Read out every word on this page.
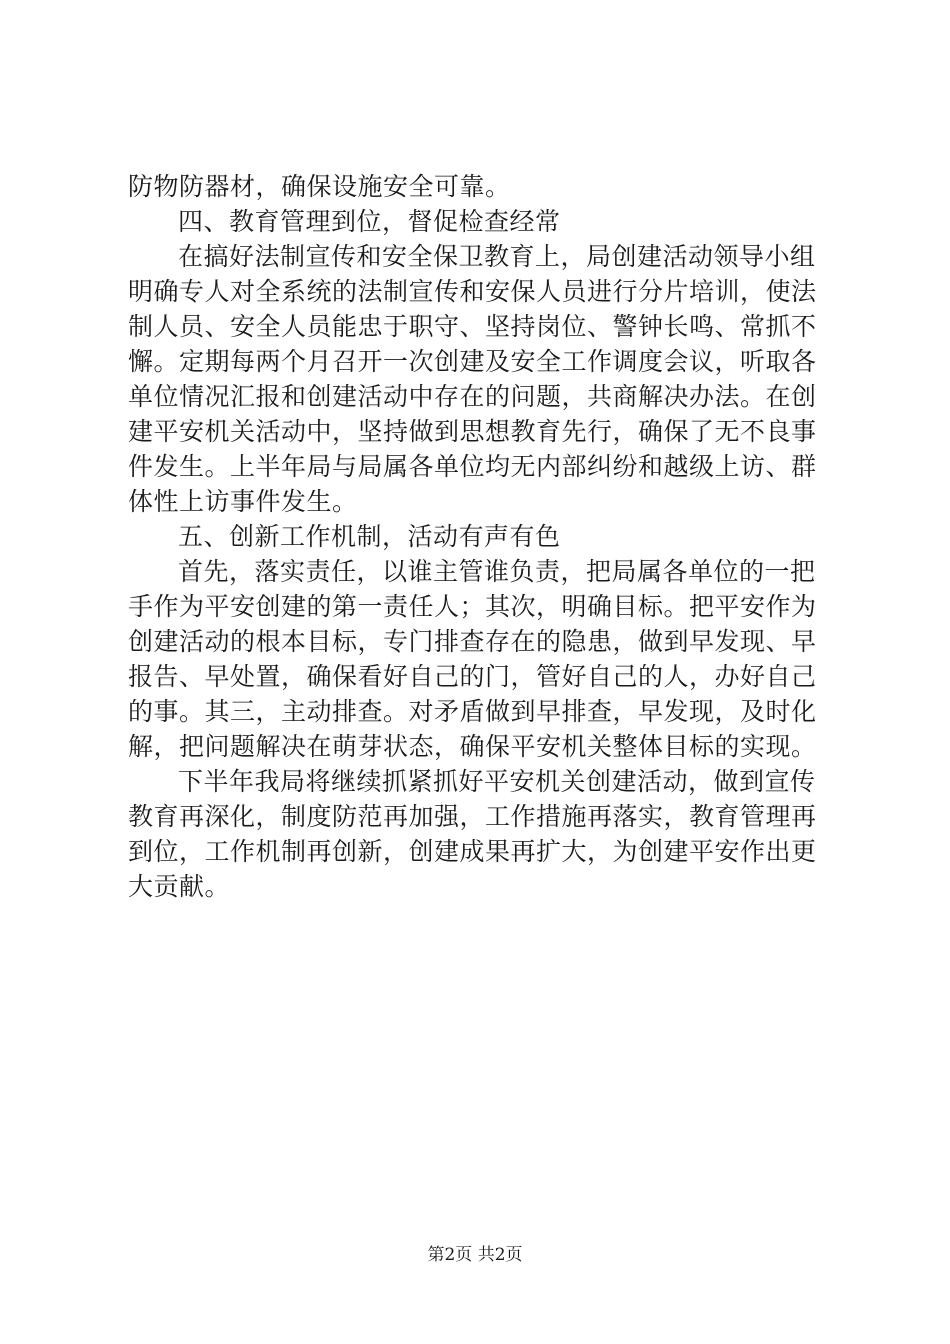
防物防器材，确保设施安全可靠。
四、教育管理到位，督促检查经常
在搞好法制宣传和安全保卫教育上，局创建活动领导小组
明确专人对全系统的法制宣传和安保人员进行分片培训，使法
制人员、安全人员能忠于职守、坚持岗位、警钟长鸣、常抓不
懈。定期每两个月召开一次创建及安全工作调度会议，听取各
单位情况汇报和创建活动中存在的问题，共商解决办法。在创
建平安机关活动中，坚持做到思想教育先行，确保了无不良事
件发生。上半年局与局属各单位均无内部纠纷和越级上访、群
体性上访事件发生。
五、创新工作机制，活动有声有色
首先，落实责任，以谁主管谁负责，把局属各单位的一把
手作为平安创建的第一责任人；其次，明确目标。把平安作为
创建活动的根本目标，专门排查存在的隐患，做到早发现、早
报告、早处置，确保看好自己的门，管好自己的人，办好自己
的事。其三，主动排查。对矛盾做到早排查，早发现，及时化
解，把问题解决在萌芽状态，确保平安机关整体目标的实现。
下半年我局将继续抓紧抓好平安机关创建活动，做到宣传
教育再深化，制度防范再加强，工作措施再落实，教育管理再
到位，工作机制再创新，创建成果再扩大，为创建平安作出更
大贡献。
第2页 共2页
